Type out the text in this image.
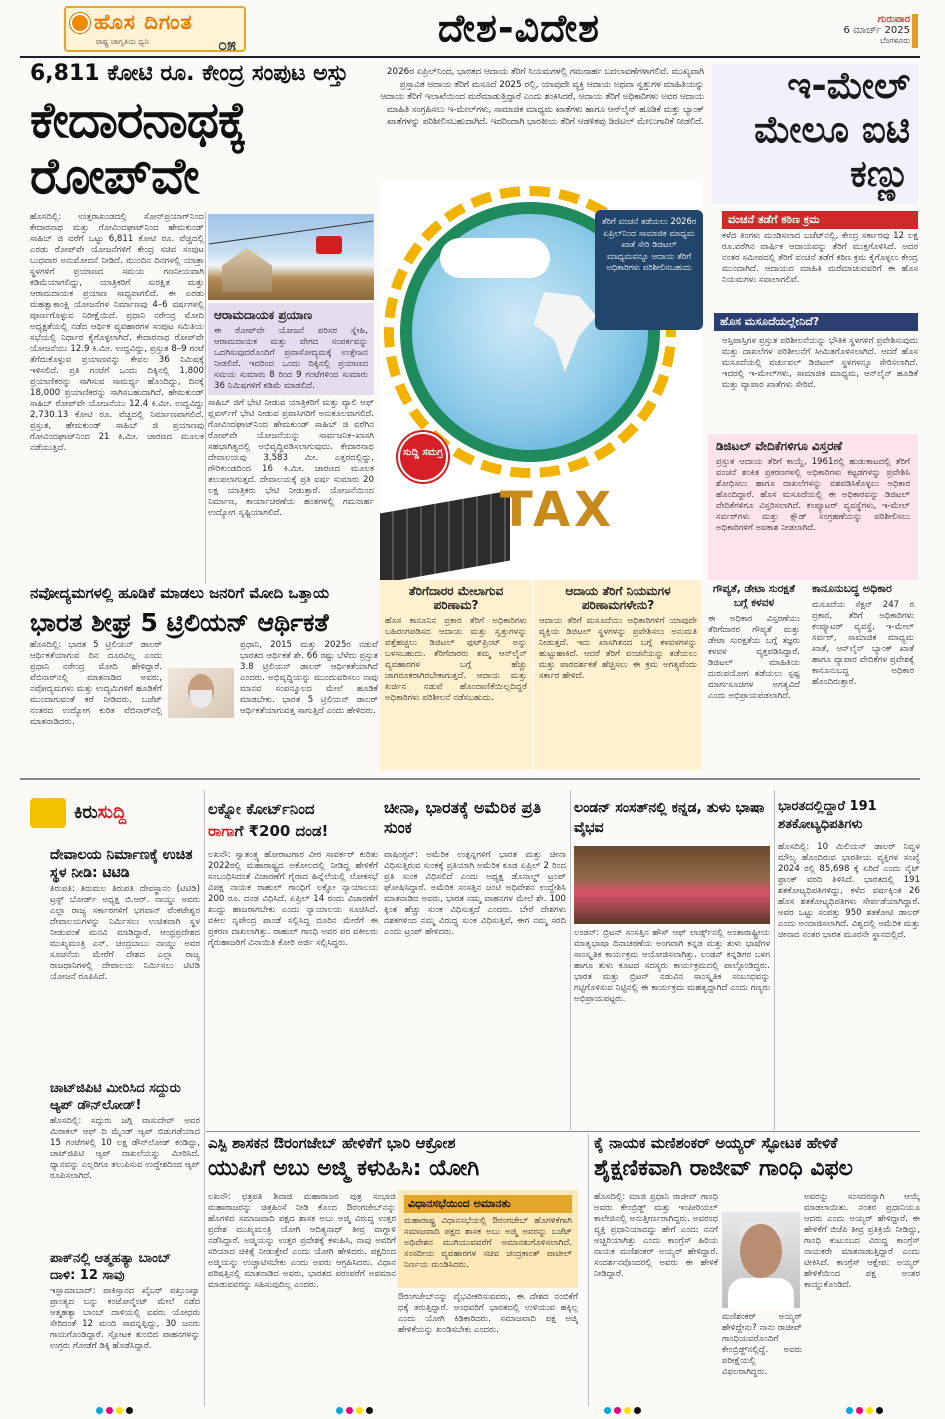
ಹೊಸ ದಿಗಂತ
ರಾಷ್ಟ್ರ ಜಾಗೃತಿಯ ಧ್ವನಿ	೦೫	ದೇಶ-ವಿದೇಶ	ಗುರುವಾರ
6 ಮಾರ್ಚ್ 2025
ಬೆಂಗಳೂರು
6,811 ಕೋಟಿ ರೂ. ಕೇಂದ್ರ ಸಂಪುಟ ಅಸ್ತು
ಕೇದಾರನಾಥಕ್ಕೆ ರೋಪ್‌ವೇ
ಹೊಸದಿಲ್ಲಿ: ಉತ್ತರಾಖಂಡದಲ್ಲಿ ಸೋನ್‌ಪ್ರಯಾಗ್‌ನಿಂದ ಕೇದಾರನಾಥ ಮತ್ತು ಗೋವಿಂದಘಾಟ್‌ನಿಂದ ಹೇಮಕುಂಡ್ ಸಾಹಿಬ್ ಜಿ ವರೆಗೆ ಒಟ್ಟು 6,811 ಕೋಟಿ ರೂ. ವೆಚ್ಚದಲ್ಲಿ ಎರಡು ರೋಪ್‌ವೇ ಯೋಜನೆಗಳಿಗೆ ಕೇಂದ್ರ ಸಚಿವ ಸಂಪುಟ ಬುಧವಾರ ಅನುಮೋದನೆ ನೀಡಿದೆ. ಮುಂದಿನ ದಿನಗಳಲ್ಲಿ ಯಾತ್ರಾ ಸ್ಥಳಗಳಿಗೆ ಪ್ರಯಾಣದ ಸಮಯ ಗಣನೀಯವಾಗಿ ಕಡಿಮೆಯಾಗಲಿದ್ದು, ಯಾತ್ರಿಕರಿಗೆ ಸುರಕ್ಷಿತ ಮತ್ತು ಆರಾಮದಾಯಕ ಪ್ರಯಾಣ ಸಾಧ್ಯವಾಗಲಿದೆ. ಈ ಎರಡು ಮಹತ್ವಾಕಾಂಕ್ಷಿ ಯೋಜನೆಗಳ ನಿರ್ಮಾಣವು 4–6 ವರ್ಷಗಳಲ್ಲಿ ಪೂರ್ಣಗೊಳ್ಳುವ ನಿರೀಕ್ಷೆಯಿದೆ. ಪ್ರಧಾನಿ ನರೇಂದ್ರ ಮೋದಿ ಅಧ್ಯಕ್ಷತೆಯಲ್ಲಿ ನಡೆದ ಆರ್ಥಿಕ ವ್ಯವಹಾರಗಳ ಸಂಪುಟ ಸಮಿತಿಯ ಸಭೆಯಲ್ಲಿ ನಿರ್ಧಾರ ಕೈಗೊಳ್ಳಲಾಗಿದೆ. ಕೇದಾರನಾಥ ರೋಪ್‌ವೇ ಯೋಜನೆಯು 12.9 ಕಿ.ಮೀ. ಉದ್ದವಿದ್ದು, ಪ್ರಸ್ತುತ 8–9 ಗಂಟೆ ತೆಗೆದುಕೊಳ್ಳುವ ಪ್ರಯಾಣವನ್ನು ಕೇವಲ 36 ನಿಮಿಷಕ್ಕೆ ಇಳಿಸಲಿದೆ. ಪ್ರತಿ ಗಂಟೆಗೆ ಒಂದು ದಿಕ್ಕಿನಲ್ಲಿ 1,800 ಪ್ರಯಾಣಿಕರನ್ನು ಸಾಗಿಸುವ ಸಾಮರ್ಥ್ಯ ಹೊಂದಿದ್ದು, ದಿನಕ್ಕೆ 18,000 ಪ್ರಯಾಣಿಕರನ್ನು ಸಾಗಿಸಬಹುದಾಗಿದೆ. ಹೇಮಕುಂಡ್ ಸಾಹಿಬ್ ರೋಪ್‌ವೇ ಯೋಜನೆಯು 12.4 ಕಿ.ಮೀ. ಉದ್ದವಿದ್ದು 2,730.13 ಕೋಟಿ ರೂ. ವೆಚ್ಚದಲ್ಲಿ ನಿರ್ಮಾಣವಾಗಲಿದೆ. ಪ್ರಸ್ತುತ, ಹೇಮಕುಂಡ್ ಸಾಹಿಬ್ ಜಿ ಪ್ರಯಾಣವು ಗೋವಿಂದಘಾಟ್‌ನಿಂದ 21 ಕಿ.ಮೀ. ಚಾರಣದ ಮೂಲಕ ನಡೆಯುತ್ತಿದೆ.
ಆರಾಮದಾಯಕ ಪ್ರಯಾಣ
ಈ ರೋಪ್‌ವೇ ಯೋಜನೆ ಪರಿಸರ ಸ್ನೇಹಿ, ಆರಾಮದಾಯಕ ಮತ್ತು ವೇಗದ ಸಂಪರ್ಕವನ್ನು ಒದಗಿಸುವುದರೊಂದಿಗೆ ಪ್ರವಾಸೋದ್ಯಮಕ್ಕೆ ಉತ್ತೇಜನ ನೀಡಲಿದೆ. ಇದರಿಂದ ಒಂದು ದಿಕ್ಕಿನಲ್ಲಿ ಪ್ರಯಾಣದ ಸಮಯ ಸುಮಾರು 8 ರಿಂದ 9 ಗಂಟೆಗಳಿಂದ ಸುಮಾರು 36 ನಿಮಿಷಗಳಿಗೆ ಕಡಿಮೆ ಮಾಡಲಿದೆ.
ಸಾಹಿಬ್ ಜಿಗೆ ಭೇಟಿ ನೀಡುವ ಯಾತ್ರಿಕರಿಗೆ ಮತ್ತು ವ್ಯಾಲಿ ಆಫ್ ಫ್ಲವರ್ಸ್‌ಗೆ ಭೇಟಿ ನೀಡುವ ಪ್ರವಾಸಿಗರಿಗೆ ಅನುಕೂಲವಾಗಲಿದೆ. ಗೋವಿಂದಘಾಟ್‌ನಿಂದ ಹೇಮಕುಂಡ್ ಸಾಹಿಬ್ ಜಿ ವರೆಗಿನ ರೋಪ್‌ವೇ ಯೋಜನೆಯನ್ನು ಸಾರ್ವಜನಿಕ–ಖಾಸಗಿ ಸಹಭಾಗಿತ್ವದಲ್ಲಿ ಅಭಿವೃದ್ಧಿಪಡಿಸಲಾಗುವುದು. ಕೇದಾರನಾಥ ದೇವಾಲಯವು 3,583 ಮೀ. ಎತ್ತರದಲ್ಲಿದ್ದು, ಗೌರಿಕುಂಡದಿಂದ 16 ಕಿ.ಮೀ. ಚಾರಣದ ಮೂಲಕ ತಲುಪಲಾಗುತ್ತದೆ. ದೇವಾಲಯಕ್ಕೆ ಪ್ರತಿ ವರ್ಷ ಸುಮಾರು 20 ಲಕ್ಷ ಯಾತ್ರಿಕರು ಭೇಟಿ ನೀಡುತ್ತಾರೆ. ಯೋಜನೆಯಿಂದ ನಿರ್ಮಾಣ, ಕಾರ್ಯಾಚರಣೆಯ ಹಂತಗಳಲ್ಲಿ ಗಮನಾರ್ಹ ಉದ್ಯೋಗ ಸೃಷ್ಟಿಯಾಗಲಿದೆ.
2026ರ ಏಪ್ರಿಲ್‌ನಿಂದ, ಭಾರತದ ಆದಾಯ ತೆರಿಗೆ ನಿಯಮಗಳಲ್ಲಿ ಗಮನಾರ್ಹ ಬದಲಾವಣೆಗಳಾಗಲಿವೆ. ಮುಖ್ಯವಾಗಿ ಪ್ರಸ್ತಾವಿತ ಆದಾಯ ತೆರಿಗೆ ಮಸೂದೆ 2025 ರಲ್ಲಿ, ಯಾವುದೇ ವ್ಯಕ್ತಿ ಆದಾಯ ಅಥವಾ ಸ್ವತ್ತುಗಳ ಮಾಹಿತಿಯನ್ನು ಆದಾಯ ತೆರಿಗೆ ಇಲಾಖೆಯಿಂದ ಮರೆಮಾಡುತ್ತಿದ್ದಾರೆ ಎಂದು ಶಂಕಿಸಿದರೆ, ಆದಾಯ ತೆರಿಗೆ ಅಧಿಕಾರಿಗಳು ಅವರ ಆದಾಯ ಮಾಹಿತಿ ಸಂಗ್ರಹಿಸಲು ಇ-ಮೇಲ್‌ಗಳು, ಸಾಮಾಜಿಕ ಮಾಧ್ಯಮ ಖಾತೆಗಳು ಹಾಗೂ ಆನ್‌ಲೈನ್ ಹೂಡಿಕೆ ಮತ್ತು ಬ್ಯಾಂಕ್ ಖಾತೆಗಳನ್ನು ಪರಿಶೀಲಿಸಬಹುದಾಗಿದೆ. ಇದರಿಂದಾಗಿ ಭಾರತೀಯ ತೆರಿಗೆ ಆಡಳಿತವು ಡಿಜಿಟಲ್ ಮೇಲುಗಾರಿಕೆ ನೀಡಲಿದೆ.
TAX
ತೆರಿಗೆ ವಂಚನೆ ತಡೆಯಲು 2026ರ ಏಪ್ರಿಲ್‌ನಿಂದ ಸಾಮಾಜಿಕ ಮಾಧ್ಯಮ ಖಾತೆ ಸೇರಿ ಡಿಜಿಟಲ್ ಮಾಧ್ಯಮವನ್ನೂ ಆದಾಯ ತೆರಿಗೆ ಅಧಿಕಾರಿಗಳು ಪರಿಶೀಲಿಸಬಹುದು
ಸುದ್ದಿ ಸಮಗ್ರ
ಇ-ಮೇಲ್ ಮೇಲೂ ಐಟಿ ಕಣ್ಣು
ವಂಚನೆ ತಡೆಗೆ ಕಠಿಣ ಕ್ರಮ
ಕಳೆದ ತಿಂಗಳು ಮಂಡಿಸಲಾದ ಬಜೆಟ್‌ನಲ್ಲಿ, ಕೇಂದ್ರ ಸರ್ಕಾರವು 12 ಲಕ್ಷ ರೂ.ವರೆಗಿನ ವಾರ್ಷಿಕ ಆದಾಯವನ್ನು ತೆರಿಗೆ ಮುಕ್ತಗೊಳಿಸಿದೆ. ಅದರ ನಂತರ ಸಮೀಪದಲ್ಲಿ ತೆರಿಗೆ ವಂಚನೆ ತಡೆಗೆ ಕಠಿಣ ಕ್ರಮ ಕೈಗೊಳ್ಳಲು ಕೇಂದ್ರ ಮುಂದಾಗಿದೆ. ಆದಾಯದ ಮಾಹಿತಿ ಮರೆಮಾಚುವವರಿಗೆ ಈ ಹೊಸ ನಿಯಮಗಳು ಸವಾಲಾಗಲಿವೆ.
ಹೊಸ ಮಸೂದೆಯಲ್ಲೇನಿದೆ?
ಆಸ್ತಿಪಾಸ್ತಿಗಳ ಪ್ರಸ್ತುತ ಪರಿಶೀಲನೆಯನ್ನು ಭೌತಿಕ ಸ್ಥಳಗಳಿಗೆ ಪ್ರವೇಶಿಸುವುದು ಮತ್ತು ದಾಖಲೆಗಳ ಪರಿಶೀಲನೆಗೆ ಸೀಮಿತಗೊಳಿಸಲಾಗಿದೆ. ಆದರೆ ಹೊಸ ಮಸೂದೆಯಲ್ಲಿ ವರ್ಚುವಲ್ ಡಿಜಿಟಲ್ ಸ್ಥಳಗಳನ್ನೂ ಸೇರಿಸಲಾಗಿದೆ. ಇದರಲ್ಲಿ ಇ-ಮೇಲ್‌ಗಳು, ಸಾಮಾಜಿಕ ಮಾಧ್ಯಮ, ಆನ್‌ಲೈನ್ ಹೂಡಿಕೆ ಮತ್ತು ವ್ಯಾಪಾರ ಖಾತೆಗಳು ಸೇರಿವೆ.
ಡಿಜಿಟಲ್ ವೇದಿಕೆಗಳಿಗೂ ವಿಸ್ತರಣೆ
ಪ್ರಸ್ತುತ ಆದಾಯ ತೆರಿಗೆ ಕಾಯ್ದೆ, 1961ರಲ್ಲಿ ಹುಡುಕಾಟದಲ್ಲಿ ತೆರಿಗೆ ವಂಚನೆ ಶಂಕಿತ ಪ್ರಕರಣಗಳಲ್ಲಿ ಅಧಿಕಾರಿಗಳು ಕಟ್ಟಡಗಳನ್ನು ಪ್ರವೇಶಿಸಿ ಶೋಧಿಸಲು ಹಾಗೂ ದಾಖಲೆಗಳನ್ನು ವಶಪಡಿಸಿಕೊಳ್ಳಲು ಅಧಿಕಾರ ಹೊಂದಿದ್ದಾರೆ. ಹೊಸ ಮಸೂದೆಯಲ್ಲಿ ಈ ಅಧಿಕಾರವನ್ನು ಡಿಜಿಟಲ್ ವೇದಿಕೆಗಳಿಗೂ ವಿಸ್ತರಿಸಲಾಗಿದೆ. ಕಂಪ್ಯೂಟರ್ ವ್ಯವಸ್ಥೆಗಳು, ಇ-ಮೇಲ್ ಸರ್ವರ್‌ಗಳು ಮತ್ತು ಕ್ಲೌಡ್ ಸಂಗ್ರಹಣೆಯನ್ನು ಪರಿಶೀಲಿಸಲು ಅಧಿಕಾರಿಗಳಿಗೆ ಅವಕಾಶ ನೀಡಲಾಗಿದೆ.
ತೆರಿಗೆದಾರರ ಮೇಲಾಗುವ ಪರಿಣಾಮ?
ಹೊಸ ಕಾನೂನಿನ ಪ್ರಕಾರ ತೆರಿಗೆ ಅಧಿಕಾರಿಗಳು ಬಹಿರಂಗಪಡಿಸದ ಆದಾಯ ಮತ್ತು ಸ್ವತ್ತುಗಳನ್ನು ಪತ್ತೆಹಚ್ಚಲು ಡಿಜಿಟಲ್ ಫುಟ್‌ಪ್ರಿಂಟ್ ಅನ್ನು ಬಳಸಬಹುದು. ತೆರಿಗೆದಾರರು ತಮ್ಮ ಆನ್‌ಲೈನ್ ವ್ಯವಹಾರಗಳ ಬಗ್ಗೆ ಹೆಚ್ಚು ಜಾಗರೂಕರಾಗಿರಬೇಕಾಗುತ್ತದೆ. ಆದಾಯ ಮತ್ತು ಖರ್ಚಿನ ನಡುವೆ ಹೊಂದಾಣಿಕೆಯಿಲ್ಲದಿದ್ದರೆ ಅಧಿಕಾರಿಗಳು ಪರಿಶೀಲನೆ ನಡೆಸಬಹುದು.
ಆದಾಯ ತೆರಿಗೆ ನಿಯಮಗಳ ಪರಿಣಾಮಗಳೇನು?
ಆದಾಯ ತೆರಿಗೆ ಮಸೂದೆಯು ಅಧಿಕಾರಿಗಳಿಗೆ ಯಾವುದೇ ವ್ಯಕ್ತಿಯ ಡಿಜಿಟಲ್ ಸ್ಥಳಗಳನ್ನು ಪ್ರವೇಶಿಸಲು ಅನುಮತಿ ನೀಡುತ್ತದೆ. ಇದು ಖಾಸಗಿತನದ ಬಗ್ಗೆ ಕಳವಳಗಳನ್ನು ಹುಟ್ಟುಹಾಕಿದೆ. ಆದರೆ ತೆರಿಗೆ ವಂಚನೆಯನ್ನು ತಡೆಯಲು ಮತ್ತು ಪಾರದರ್ಶಕತೆ ಹೆಚ್ಚಿಸಲು ಈ ಕ್ರಮ ಅಗತ್ಯವೆಂದು ಸರ್ಕಾರ ಹೇಳಿದೆ.
ಗೌಪ್ಯತೆ, ಡೇಟಾ ಸುರಕ್ಷತೆ ಬಗ್ಗೆ ಕಳವಳ
ಈ ಅಧಿಕಾರ ವಿಸ್ತರಣೆಯು ತೆರಿಗೆದಾರರ ಗೌಪ್ಯತೆ ಮತ್ತು ಡೇಟಾ ಸುರಕ್ಷತೆಯ ಬಗ್ಗೆ ತಜ್ಞರು ಕಳವಳ ವ್ಯಕ್ತಪಡಿಸಿದ್ದಾರೆ. ಡಿಜಿಟಲ್ ಮಾಹಿತಿಯ ದುರುಪಯೋಗ ತಡೆಯಲು ಸ್ಪಷ್ಟ ಮಾರ್ಗಸೂಚಿಗಳ ಅಗತ್ಯವಿದೆ ಎಂದು ಅಭಿಪ್ರಾಯಪಡಲಾಗಿದೆ.
ಕಾನೂನುಬದ್ಧ ಅಧಿಕಾರ
ಮಸೂದೆಯ ಸೆಕ್ಷನ್ 247 ರ ಪ್ರಕಾರ, ತೆರಿಗೆ ಅಧಿಕಾರಿಗಳು ಕಂಪ್ಯೂಟರ್ ವ್ಯವಸ್ಥೆ, ಇ-ಮೇಲ್ ಸರ್ವರ್, ಸಾಮಾಜಿಕ ಮಾಧ್ಯಮ ಖಾತೆ, ಆನ್‌ಲೈನ್ ಬ್ಯಾಂಕ್ ಖಾತೆ ಹಾಗೂ ವ್ಯಾಪಾರ ವೇದಿಕೆಗಳ ಪ್ರವೇಶಕ್ಕೆ ಕಾನೂನುಬದ್ಧ ಅಧಿಕಾರ ಹೊಂದಿರುತ್ತಾರೆ.
ನವೋದ್ಯಮಗಳಲ್ಲಿ ಹೂಡಿಕೆ ಮಾಡಲು ಜನರಿಗೆ ಮೋದಿ ಒತ್ತಾಯ
ಭಾರತ ಶೀಘ್ರ 5 ಟ್ರಿಲಿಯನ್ ಆರ್ಥಿಕತೆ
ಹೊಸದಿಲ್ಲಿ: ಭಾರತ 5 ಟ್ರಿಲಿಯನ್ ಡಾಲರ್ ಆರ್ಥಿಕತೆಯಾಗುವ ದಿನ ದೂರವಿಲ್ಲ ಎಂದು ಪ್ರಧಾನಿ ನರೇಂದ್ರ ಮೋದಿ ಹೇಳಿದ್ದಾರೆ. ವೆಬಿನಾರ್‌ನಲ್ಲಿ ಮಾತನಾಡಿದ ಅವರು, ನವೋದ್ಯಮಗಳು ಮತ್ತು ಉದ್ಯಮಿಗಳಿಗೆ ಹೂಡಿಕೆಗೆ ಮುಂದಾಗುವಂತೆ ಕರೆ ನೀಡಿದರು. ಬಜೆಟ್ ನಂತರದ ಉದ್ಯೋಗ ಕುರಿತ ವೆಬಿನಾರ್‌ನಲ್ಲಿ ಮಾತನಾಡಿದರು.
ಪ್ರಧಾನಿ, 2015 ಮತ್ತು 2025ರ ನಡುವೆ ಭಾರತದ ಆರ್ಥಿಕತೆ ಶೇ. 66 ರಷ್ಟು ಬೆಳೆದು ಪ್ರಸ್ತುತ 3.8 ಟ್ರಿಲಿಯನ್ ಡಾಲರ್ ಆರ್ಥಿಕತೆಯಾಗಿದೆ ಎಂದರು. ಅಭಿವೃದ್ಧಿಯನ್ನು ಮುಂದುವರಿಸಲು ನಾವು ಮಾನವ ಸಂಪನ್ಮೂಲದ ಮೇಲೆ ಹೂಡಿಕೆ ಮಾಡಬೇಕು. ಭಾರತ 5 ಟ್ರಿಲಿಯನ್ ಡಾಲರ್ ಆರ್ಥಿಕತೆಯಾಗುವತ್ತ ಸಾಗುತ್ತಿದೆ ಎಂದು ಹೇಳಿದರು.
ಕಿರುಸುದ್ದಿ
ದೇವಾಲಯ ನಿರ್ಮಾಣಕ್ಕೆ ಉಚಿತ ಸ್ಥಳ ನೀಡಿ: ಟಿಟಿಡಿ
ತಿರುಪತಿ: ತಿರುಮಲ ತಿರುಪತಿ ದೇವಸ್ಥಾನಂ (ಟಿಟಿಡಿ) ಟ್ರಸ್ಟ್ ಬೋರ್ಡ್ ಅಧ್ಯಕ್ಷ ಬಿ.ಆರ್. ನಾಯ್ಡು ಅವರು ಎಲ್ಲಾ ರಾಜ್ಯ ಸರ್ಕಾರಗಳಿಗೆ ಭಗವಾನ್ ವೆಂಕಟೇಶ್ವರ ದೇವಾಲಯಗಳನ್ನು ನಿರ್ಮಿಸಲು ಉಚಿತವಾಗಿ ಸ್ಥಳ ನೀಡುವಂತೆ ಮನವಿ ಮಾಡಿದ್ದಾರೆ. ಆಂಧ್ರಪ್ರದೇಶದ ಮುಖ್ಯಮಂತ್ರಿ ಎನ್. ಚಂದ್ರಬಾಬು ನಾಯ್ಡು ಅವರ ಸೂಚನೆಯ ಮೇರೆಗೆ ದೇಶದ ಎಲ್ಲಾ ರಾಜ್ಯ ರಾಜಧಾನಿಗಳಲ್ಲಿ ದೇವಾಲಯ ನಿರ್ಮಿಸಲು ಟಿಟಿಡಿ ಯೋಜನೆ ರೂಪಿಸಿದೆ.
ಚಾಟ್‌ಜಿಪಿಟಿ ಮೀರಿಸಿದ ಸದ್ದುರು ಆ್ಯಪ್ ಡೌನ್‌ಲೋಡ್!
ಹೊಸದಿಲ್ಲಿ: ಸದ್ಗುರು ಜಗ್ಗಿ ವಾಸುದೇವ್ ಅವರ ಮಿರಾಕಲ್ ಆಫ್ ದಿ ಮೈಂಡ್ ಆ್ಯಪ್ ಬಿಡುಗಡೆಯಾದ 15 ಗಂಟೆಗಳಲ್ಲಿ 10 ಲಕ್ಷ ಡೌನ್‌ಲೋಡ್ ಕಂಡಿದ್ದು, ಚಾಟ್‌ಜಿಪಿಟಿ ಆ್ಯಪ್ ದಾಖಲೆಯನ್ನು ಮೀರಿಸಿದೆ. ಧ್ಯಾನವನ್ನು ಎಲ್ಲರಿಗೂ ತಲುಪಿಸುವ ಉದ್ದೇಶದಿಂದ ಆ್ಯಪ್ ರೂಪಿಸಲಾಗಿದೆ.
ಪಾಕ್‌ನಲ್ಲಿ ಆತ್ಮಹತ್ಯಾ ಬಾಂಬ್ ದಾಳಿ: 12 ಸಾವು
ಇಸ್ಲಾಮಾಬಾದ್: ಪಾಕಿಸ್ತಾನದ ಖೈಬರ್ ಪಖ್ತುಂಖ್ವಾ ಪ್ರಾಂತ್ಯದ ಬನ್ನು ಕಂಟೋನ್ಮೆಂಟ್ ಮೇಲೆ ನಡೆದ ಆತ್ಮಹತ್ಯಾ ಬಾಂಬ್ ದಾಳಿಯಲ್ಲಿ ಐವರು ಯೋಧರು ಸೇರಿದಂತೆ 12 ಮಂದಿ ಸಾವನ್ನಪ್ಪಿದ್ದು, 30 ಜನರು ಗಾಯಗೊಂಡಿದ್ದಾರೆ. ಸ್ಫೋಟಕ ತುಂಬಿದ ವಾಹನಗಳನ್ನು ಉಗ್ರರು ಗೋಡೆಗೆ ಡಿಕ್ಕಿ ಹೊಡೆಸಿದ್ದಾರೆ.
ಲಕ್ನೋ ಕೋರ್ಟ್‌ನಿಂದ
ರಾಗಾಗೆ ₹200 ದಂಡ!
ಲಖನೌ: ಸ್ವಾತಂತ್ರ್ಯ ಹೋರಾಟಗಾರ ವೀರ ಸಾವರ್ಕರ್ ಕುರಿತು 2022ರಲ್ಲಿ ಮಹಾರಾಷ್ಟ್ರದ ಅಕೋಲದಲ್ಲಿ ನೀಡಿದ್ದ ಹೇಳಿಕೆಗೆ ಸಂಬಂಧಿಸಿದಂತೆ ವಿಚಾರಣೆಗೆ ಗೈರಾದ ಹಿನ್ನೆಲೆಯಲ್ಲಿ ಲೋಕಸಭೆ ವಿಪಕ್ಷ ನಾಯಕ ರಾಹುಲ್ ಗಾಂಧಿಗೆ ಲಕ್ನೋ ನ್ಯಾಯಾಲಯ 200 ರೂ. ದಂಡ ವಿಧಿಸಿದೆ. ಏಪ್ರಿಲ್ 14 ರಂದು ವಿಚಾರಣೆಗೆ ಖುದ್ದು ಹಾಜರಾಗಬೇಕು ಎಂದು ನ್ಯಾಯಾಲಯ ಸೂಚಿಸಿದೆ. ವಕೀಲ ನೃಪೇಂದ್ರ ಪಾಂಡೆ ಸಲ್ಲಿಸಿದ್ದ ದೂರಿನ ಮೇರೆಗೆ ಈ ಪ್ರಕರಣ ದಾಖಲಾಗಿತ್ತು. ರಾಹುಲ್ ಗಾಂಧಿ ಅವರ ಪರ ವಕೀಲರು ಗೈರುಹಾಜರಿಗೆ ವಿನಾಯಿತಿ ಕೋರಿ ಅರ್ಜಿ ಸಲ್ಲಿಸಿದ್ದರು.
ಚೀನಾ, ಭಾರತಕ್ಕೆ ಅಮೆರಿಕ ಪ್ರತಿ ಸುಂಕ
ವಾಷಿಂಗ್ಟನ್: ಅಮೆರಿಕ ಉತ್ಪನ್ನಗಳಿಗೆ ಭಾರತ ಮತ್ತು ಚೀನಾ ವಿಧಿಸುತ್ತಿರುವ ಸುಂಕಕ್ಕೆ ಪ್ರತಿಯಾಗಿ ಅಮೆರಿಕ ಕೂಡ ಏಪ್ರಿಲ್ 2 ರಿಂದ ಪ್ರತಿ ಸುಂಕ ವಿಧಿಸಲಿದೆ ಎಂದು ಅಧ್ಯಕ್ಷ ಡೊನಾಲ್ಡ್ ಟ್ರಂಪ್ ಘೋಷಿಸಿದ್ದಾರೆ. ಅಮೆರಿಕ ಸಂಸತ್ತಿನ ಜಂಟಿ ಅಧಿವೇಶನ ಉದ್ದೇಶಿಸಿ ಮಾತನಾಡಿದ ಅವರು, ಭಾರತ ನಮ್ಮ ವಾಹನಗಳ ಮೇಲೆ ಶೇ. 100 ಕ್ಕಿಂತ ಹೆಚ್ಚು ಸುಂಕ ವಿಧಿಸುತ್ತದೆ ಎಂದರು. ಬೇರೆ ದೇಶಗಳು ದಶಕಗಳಿಂದ ನಮ್ಮ ವಿರುದ್ಧ ಸುಂಕ ವಿಧಿಸುತ್ತಿವೆ, ಈಗ ನಮ್ಮ ಸರದಿ ಎಂದು ಟ್ರಂಪ್ ಹೇಳಿದರು.
ಲಂಡನ್ ಸಂಸತ್‌ನಲ್ಲಿ ಕನ್ನಡ, ತುಳು ಭಾಷಾ ವೈಭವ
ಲಂಡನ್: ಬ್ರಿಟನ್ ಸಂಸತ್ತಿನ ಹೌಸ್ ಆಫ್ ಲಾರ್ಡ್ಸ್‌ನಲ್ಲಿ ಅಂತಾರಾಷ್ಟ್ರೀಯ ಮಾತೃಭಾಷಾ ದಿನಾಚರಣೆಯ ಅಂಗವಾಗಿ ಕನ್ನಡ ಮತ್ತು ತುಳು ಭಾಷೆಗಳ ಸಾಂಸ್ಕೃತಿಕ ಕಾರ್ಯಕ್ರಮ ಆಯೋಜಿಸಲಾಗಿತ್ತು. ಲಂಡನ್ ಕನ್ನಡಿಗರ ಬಳಗ ಹಾಗೂ ತುಳು ಕೂಟದ ಸದಸ್ಯರು ಕಾರ್ಯಕ್ರಮದಲ್ಲಿ ಪಾಲ್ಗೊಂಡಿದ್ದರು. ಭಾರತ ಮತ್ತು ಬ್ರಿಟನ್ ನಡುವಿನ ಸಾಂಸ್ಕೃತಿಕ ಸಂಬಂಧವನ್ನು ಗಟ್ಟಿಗೊಳಿಸುವ ನಿಟ್ಟಿನಲ್ಲಿ ಈ ಕಾರ್ಯಕ್ರಮ ಮಹತ್ವದ್ದಾಗಿದೆ ಎಂದು ಗಣ್ಯರು ಅಭಿಪ್ರಾಯಪಟ್ಟರು.
ಭಾರತದಲ್ಲಿದ್ದಾರೆ 191 ಶತಕೋಟ್ಯಧಿಪತಿಗಳು
ಹೊಸದಿಲ್ಲಿ: 10 ಮಿಲಿಯನ್ ಡಾಲರ್ ನಿವ್ವಳ ಮೌಲ್ಯ ಹೊಂದಿರುವ ಭಾರತೀಯ ವ್ಯಕ್ತಿಗಳ ಸಂಖ್ಯೆ 2024 ರಲ್ಲಿ 85,698 ಕ್ಕೆ ಏರಿದೆ ಎಂದು ನೈಟ್ ಫ್ರಾಂಕ್ ವರದಿ ತಿಳಿಸಿದೆ. ಭಾರತದಲ್ಲಿ 191 ಶತಕೋಟ್ಯಧಿಪತಿಗಳಿದ್ದು, ಕಳೆದ ವರ್ಷಕ್ಕಿಂತ 26 ಹೊಸ ಶತಕೋಟ್ಯಧಿಪತಿಗಳು ಸೇರ್ಪಡೆಯಾಗಿದ್ದಾರೆ. ಅವರ ಒಟ್ಟು ಸಂಪತ್ತು 950 ಶತಕೋಟಿ ಡಾಲರ್ ಎಂದು ಅಂದಾಜಿಸಲಾಗಿದೆ. ವಿಶ್ವದಲ್ಲಿ ಅಮೆರಿಕ ಮತ್ತು ಚೀನಾದ ನಂತರ ಭಾರತ ಮೂರನೇ ಸ್ಥಾನದಲ್ಲಿದೆ.
ಎಸ್ಪಿ ಶಾಸಕನ ಔರಂಗಜೇಬ್ ಹೇಳಿಕೆಗೆ ಭಾರಿ ಆಕ್ರೋಶ
ಯುಪಿಗೆ ಅಬು ಅಜ್ಮಿ ಕಳುಹಿಸಿ: ಯೋಗಿ
ಲಖನೌ: ಛತ್ರಪತಿ ಶಿವಾಜಿ ಮಹಾರಾಜರ ಪುತ್ರ ಸಂಭಾಜಿ ಮಹಾರಾಜರನ್ನು ಚಿತ್ರಹಿಂಸೆ ನೀಡಿ ಕೊಂದ ಔರಂಗಜೇಬ್‌ನನ್ನು ಹೊಗಳಿದ ಸಮಾಜವಾದಿ ಪಕ್ಷದ ಶಾಸಕ ಅಬು ಅಜ್ಮಿ ವಿರುದ್ಧ ಉತ್ತರ ಪ್ರದೇಶ ಮುಖ್ಯಮಂತ್ರಿ ಯೋಗಿ ಆದಿತ್ಯನಾಥ್ ತೀವ್ರ ವಾಗ್ದಾಳಿ ನಡೆಸಿದ್ದಾರೆ. ಅಜ್ಮಿಯನ್ನು ಉತ್ತರ ಪ್ರದೇಶಕ್ಕೆ ಕಳುಹಿಸಿ, ನಾವು ಅವರಿಗೆ ಸರಿಯಾದ ಚಿಕಿತ್ಸೆ ನೀಡುತ್ತೇವೆ ಎಂದು ಯೋಗಿ ಹೇಳಿದರು. ಪಕ್ಷದಿಂದ ಅಜ್ಮಿಯನ್ನು ಉಚ್ಚಾಟಿಸಬೇಕು ಎಂದು ಅವರು ಆಗ್ರಹಿಸಿದರು. ವಿಧಾನ ಪರಿಷತ್ತಿನಲ್ಲಿ ಮಾತನಾಡಿದ ಅವರು, ಭಾರತದ ಪರಂಪರೆಗೆ ಅವಮಾನ ಮಾಡುವವರನ್ನು ಸಹಿಸುವುದಿಲ್ಲ ಎಂದರು.
ವಿಧಾನಸಭೆಯಿಂದ ಅಮಾನತು
ಮಹಾರಾಷ್ಟ್ರ ವಿಧಾನಸಭೆಯಲ್ಲಿ ಔರಂಗಜೇಬ್ ಹೊಗಳಿಕೆಗಾಗಿ ಸಮಾಜವಾದಿ ಪಕ್ಷದ ಶಾಸಕ ಅಬು ಅಜ್ಮಿ ಅವರನ್ನು ಬಜೆಟ್ ಅಧಿವೇಶನ ಮುಗಿಯುವವರೆಗೆ ಅಮಾನತುಗೊಳಿಸಲಾಗಿದೆ. ಸಂಸದೀಯ ವ್ಯವಹಾರಗಳ ಸಚಿವ ಚಂದ್ರಕಾಂತ್ ಪಾಟೀಲ್ ನಿರ್ಣಯ ಮಂಡಿಸಿದರು.
ಔರಂಗಜೇಬ್‌ನನ್ನು ವೈಭವೀಕರಿಸುವವರು, ಈ ದೇಶದ ನಂಬಿಕೆಗೆ ಧಕ್ಕೆ ತರುತ್ತಿದ್ದಾರೆ. ಅಂಥವರಿಗೆ ಭಾರತದಲ್ಲಿ ಉಳಿಯುವ ಹಕ್ಕಿಲ್ಲ ಎಂದು ಯೋಗಿ ಕಿಡಿಕಾರಿದರು. ಸಮಾಜವಾದಿ ಪಕ್ಷ ಅಜ್ಮಿ ಹೇಳಿಕೆಯನ್ನು ಖಂಡಿಸಬೇಕು ಎಂದರು.
ಕೈ ನಾಯಕ ಮಣಿಶಂಕರ್ ಅಯ್ಯರ್ ಸ್ಫೋಟಕ ಹೇಳಿಕೆ
ಶೈಕ್ಷಣಿಕವಾಗಿ ರಾಜೀವ್ ಗಾಂಧಿ ವಿಫಲ
ಹೊಸದಿಲ್ಲಿ: ಮಾಜಿ ಪ್ರಧಾನಿ ರಾಜೀವ್ ಗಾಂಧಿ ಅವರು ಕೇಂಬ್ರಿಡ್ಜ್ ಮತ್ತು ಇಂಪೀರಿಯಲ್ ಕಾಲೇಜಿನಲ್ಲಿ ಅನುತ್ತೀರ್ಣರಾಗಿದ್ದರು. ಅವರಂಥ ವ್ಯಕ್ತಿ ಪ್ರಧಾನಿಯಾದದ್ದು ಹೇಗೆ ಎಂದು ನನಗೆ ಅಚ್ಚರಿಯಾಗಿತ್ತು ಎಂದು ಕಾಂಗ್ರೆಸ್ ಹಿರಿಯ ನಾಯಕ ಮಣಿಶಂಕರ್ ಅಯ್ಯರ್ ಹೇಳಿದ್ದಾರೆ. ಸಂದರ್ಶನವೊಂದರಲ್ಲಿ ಅವರು ಈ ಹೇಳಿಕೆ ನೀಡಿದ್ದಾರೆ.
ಅವರನ್ನು ಸಂಸದರನ್ನಾಗಿ ಆಯ್ಕೆ ಮಾಡಲಾಯಿತು. ನಂತರ ಪ್ರಧಾನಿಯೂ ಆದರು ಎಂದು ಅಯ್ಯರ್ ಹೇಳಿದ್ದಾರೆ. ಈ ಹೇಳಿಕೆಗೆ ಬಿಜೆಪಿ ತೀವ್ರ ಪ್ರತಿಕ್ರಿಯೆ ನೀಡಿದ್ದು, ಗಾಂಧಿ ಕುಟುಂಬದ ವಿರುದ್ಧ ಕಾಂಗ್ರೆಸ್ ನಾಯಕರೇ ಮಾತನಾಡುತ್ತಿದ್ದಾರೆ ಎಂದು ಟೀಕಿಸಿದೆ. ಕಾಂಗ್ರೆಸ್ ಆಕ್ಷೇಪ: ಅಯ್ಯರ್ ಹೇಳಿಕೆಯಿಂದ ಪಕ್ಷ ಅಂತರ ಕಾಯ್ದುಕೊಂಡಿದೆ.
ಮಣಿಶಂಕರ್ ಅಯ್ಯರ್ ಹೇಳಿದ್ದೇನು? ನಾನು ರಾಜೀವ್ ಗಾಂಧಿಯವರೊಂದಿಗೆ ಕೇಂಬ್ರಿಡ್ಜ್‌ನಲ್ಲಿದ್ದೆ. ಅವರು ಪರೀಕ್ಷೆಯಲ್ಲಿ ವಿಫಲರಾಗಿದ್ದರು.
